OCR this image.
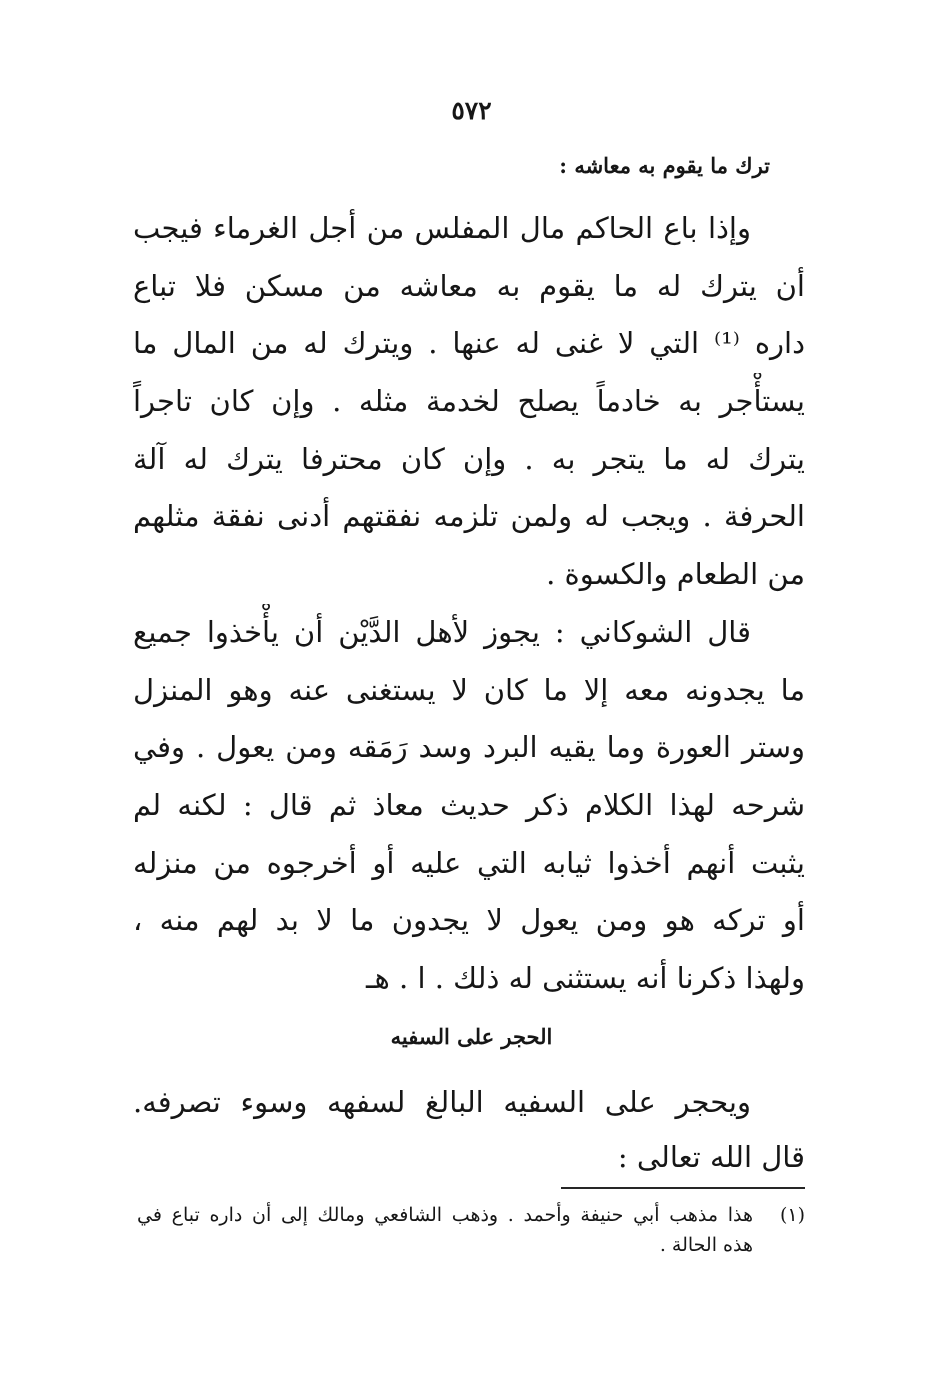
٥٧٢
ترك ما يقوم به معاشه :
وإذا باع الحاكم مال المفلس من أجل الغرماء فيجب
أن يترك له ما يقوم به معاشه من مسكن فلا تباع
داره ⁽¹⁾ التي لا غنى له عنها . ويترك له من المال ما
يستأْجر به خادماً يصلح لخدمة مثله . وإن كان تاجراً
يترك له ما يتجر به . وإن كان محترفا يترك له آلة
الحرفة . ويجب له ولمن تلزمه نفقتهم أدنى نفقة مثلهم
من الطعام والكسوة .
قال الشوكاني : يجوز لأهل الدَّيْن أن يأْخذوا جميع
ما يجدونه معه إلا ما كان لا يستغنى عنه وهو المنزل
وستر العورة وما يقيه البرد وسد رَمَقه ومن يعول . وفي
شرحه لهذا الكلام ذكر حديث معاذ ثم قال : لكنه لم
يثبت أنهم أخذوا ثيابه التي عليه أو أخرجوه من منزله
أو تركه هو ومن يعول لا يجدون ما لا بد لهم منه ،
ولهذا ذكرنا أنه يستثنى له ذلك . ا . هـ
الحجر على السفيه
ويحجر على السفيه البالغ لسفهه وسوء تصرفه.
قال الله تعالى :
(١)هذا مذهب أبي حنيفة وأحمد . وذهب الشافعي ومالك إلى أن داره تباع في
هذه الحالة .
